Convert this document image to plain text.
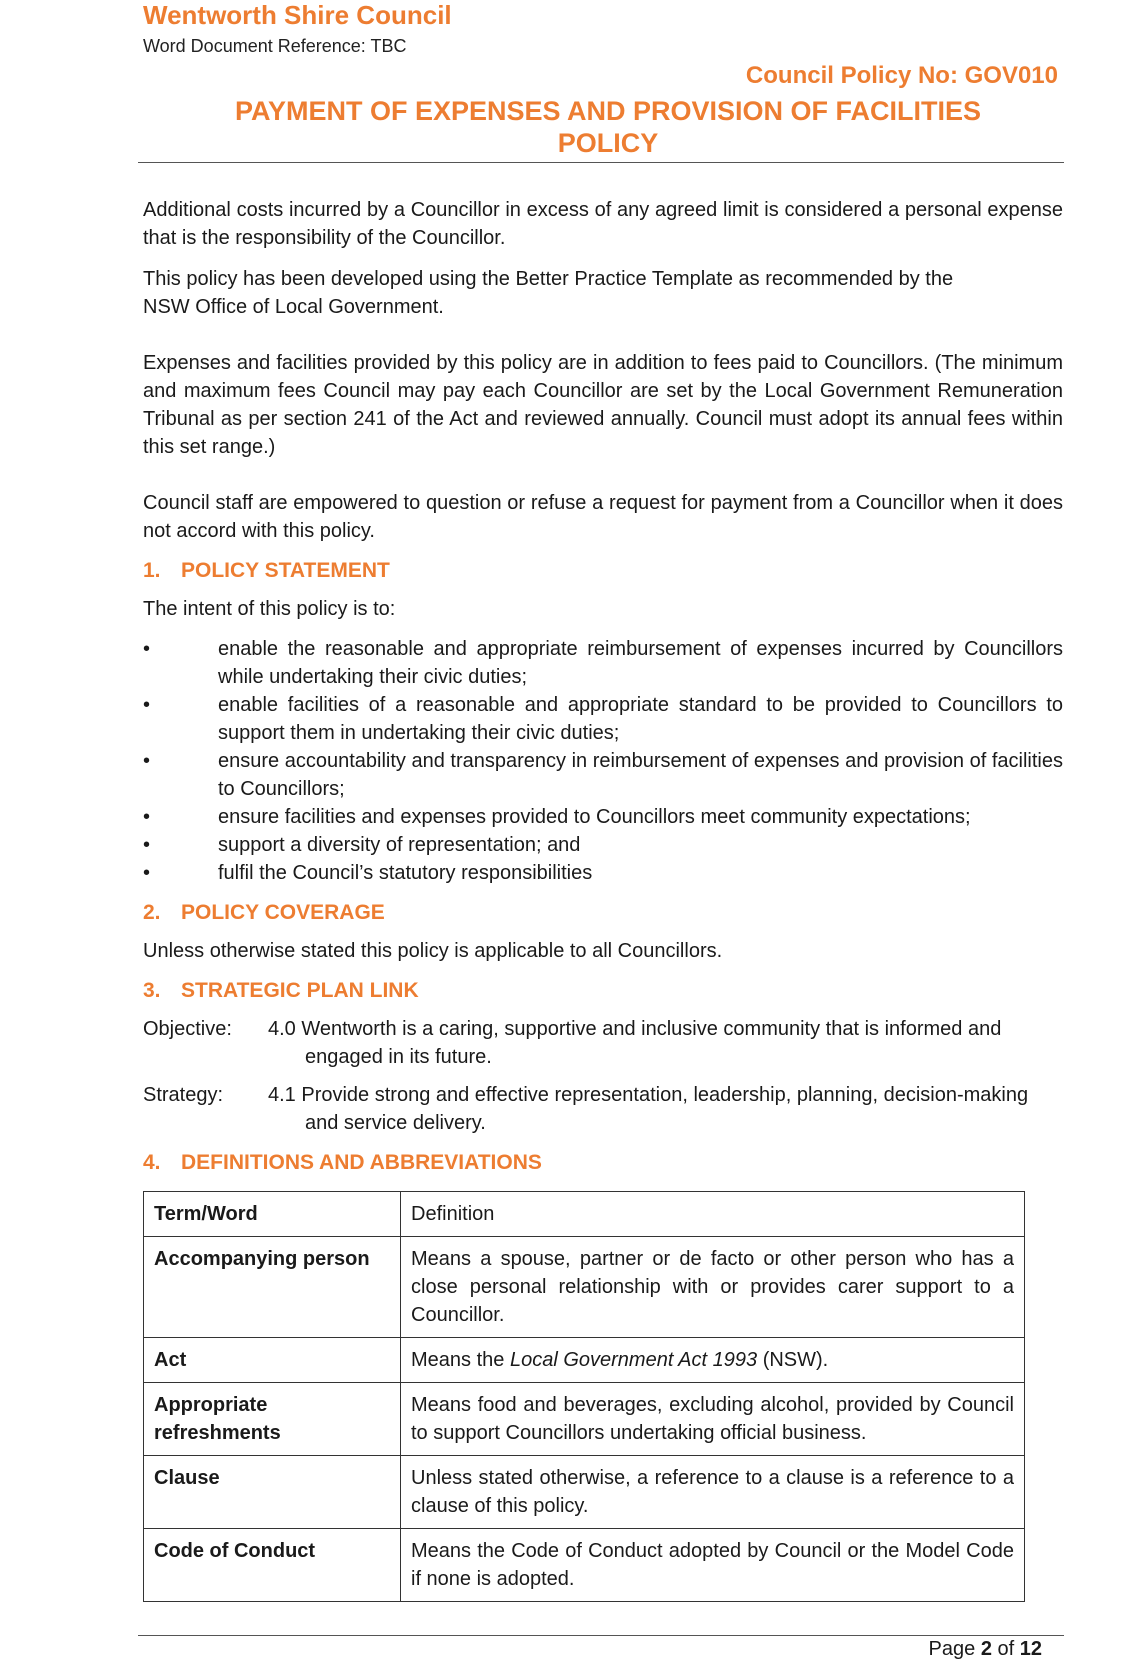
Wentworth Shire Council
Word Document Reference: TBC
Council Policy No: GOV010
PAYMENT OF EXPENSES AND PROVISION OF FACILITIES
POLICY

Additional costs incurred by a Councillor in excess of any agreed limit is considered a personal expense that is the responsibility of the Councillor.

This policy has been developed using the Better Practice Template as recommended by the
NSW Office of Local Government.

Expenses and facilities provided by this policy are in addition to fees paid to Councillors. (The minimum and maximum fees Council may pay each Councillor are set by the Local Government Remuneration Tribunal as per section 241 of the Act and reviewed annually. Council must adopt its annual fees within this set range.)

Council staff are empowered to question or refuse a request for payment from a Councillor when it does not accord with this policy.

1. POLICY STATEMENT

The intent of this policy is to:

•	enable the reasonable and appropriate reimbursement of expenses incurred by Councillors while undertaking their civic duties;
•	enable facilities of a reasonable and appropriate standard to be provided to Councillors to support them in undertaking their civic duties;
•	ensure accountability and transparency in reimbursement of expenses and provision of facilities to Councillors;
•	ensure facilities and expenses provided to Councillors meet community expectations;
•	support a diversity of representation; and
•	fulfil the Council’s statutory responsibilities
2. POLICY COVERAGE

Unless otherwise stated this policy is applicable to all Councillors.

3. STRATEGIC PLAN LINK
Objective:	4.0 Wentworth is a caring, supportive and inclusive community that is informed and
engaged in its future.
Strategy:	4.1 Provide strong and effective representation, leadership, planning, decision-making
and service delivery.
4. DEFINITIONS AND ABBREVIATIONS
Term/Word	Definition
Accompanying person	Means a spouse, partner or de facto or other person who has a close personal relationship with or provides carer support to a Councillor.
Act	Means the Local Government Act 1993 (NSW).
Appropriate refreshments	Means food and beverages, excluding alcohol, provided by Council to support Councillors undertaking official business.
Clause	Unless stated otherwise, a reference to a clause is a reference to a clause of this policy.
Code of Conduct	Means the Code of Conduct adopted by Council or the Model Code if none is adopted.
Page 2 of 12
